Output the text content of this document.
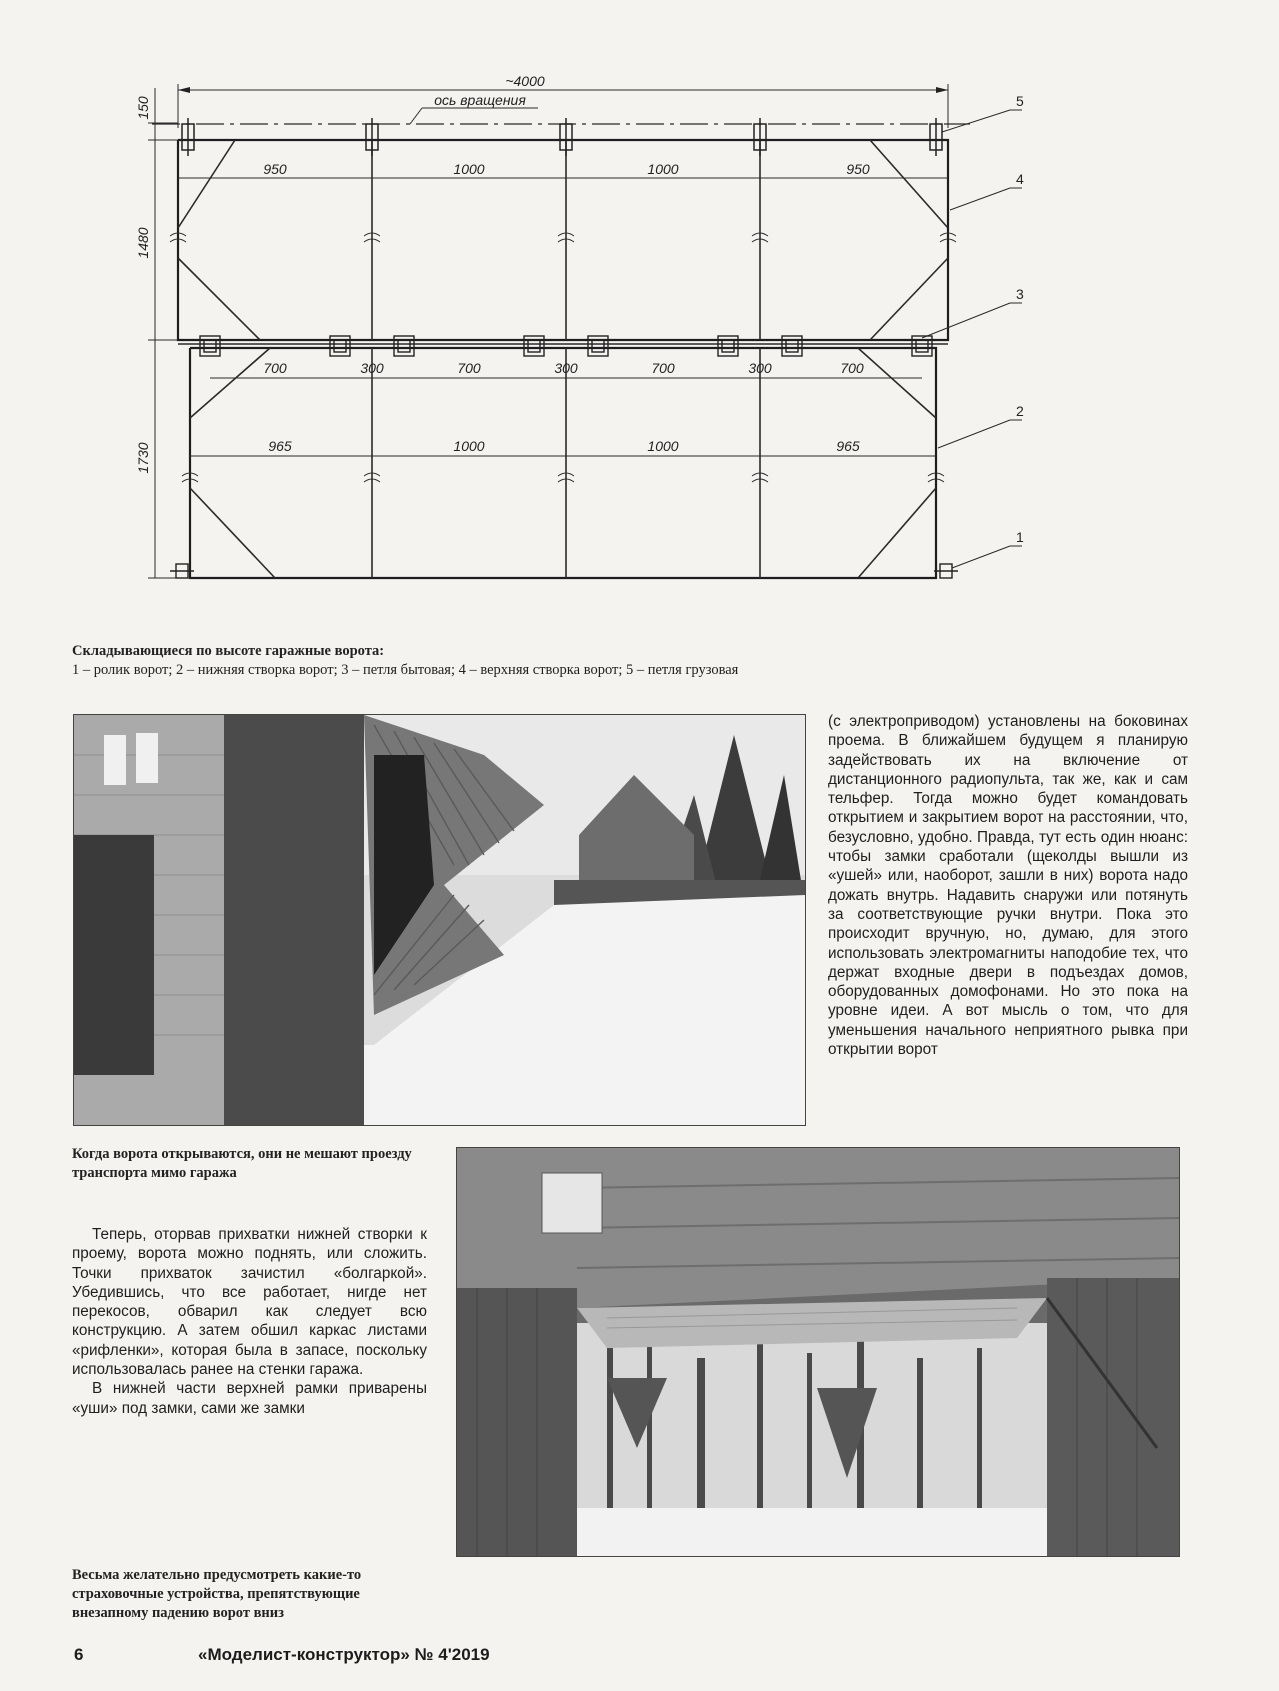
150
1480
1730
~4000
ось вращения
950	1000	1000	950
700	300	700	300	700	300	700
965	1000	1000	965
5
4
3
2
1
Складывающиеся по высоте гаражные ворота:
1 – ролик ворот; 2 – нижняя створка ворот; 3 – петля бытовая; 4 – верхняя створка ворот; 5 – петля грузовая

(с электроприводом) установлены на боковинах проема. В ближайшем будущем я планирую задействовать их на включение от дистанционного радиопульта, так же, как и сам тельфер. Тогда можно будет командовать открытием и закрытием ворот на расстоянии, что, безусловно, удобно. Правда, тут есть один нюанс: чтобы замки сработали (щеколды вышли из «ушей» или, наоборот, зашли в них) ворота надо дожать внутрь. Надавить снаружи или потянуть за соответствующие ручки внутри. Пока это происходит вручную, но, думаю, для этого использовать электромагниты наподобие тех, что держат входные двери в подъездах домов, оборудованных домофонами. Но это пока на уровне идеи. А вот мысль о том, что для уменьшения начального неприятного рывка при открытии ворот

Когда ворота открываются, они не мешают проезду транспорта мимо гаража

Теперь, оторвав прихватки нижней створки к проему, ворота можно поднять, или сложить. Точки прихваток зачистил «болгаркой». Убедившись, что все работает, нигде нет перекосов, обварил как следует всю конструкцию. А затем обшил каркас листами «рифленки», которая была в запасе, поскольку использовалась ранее на стенки гаража.

В нижней части верхней рамки приварены «уши» под замки, сами же замки

Весьма желательно предусмотреть какие-то страховочные устройства, препятствующие внезапному падению ворот вниз
6	«Моделист-конструктор» № 4'2019
